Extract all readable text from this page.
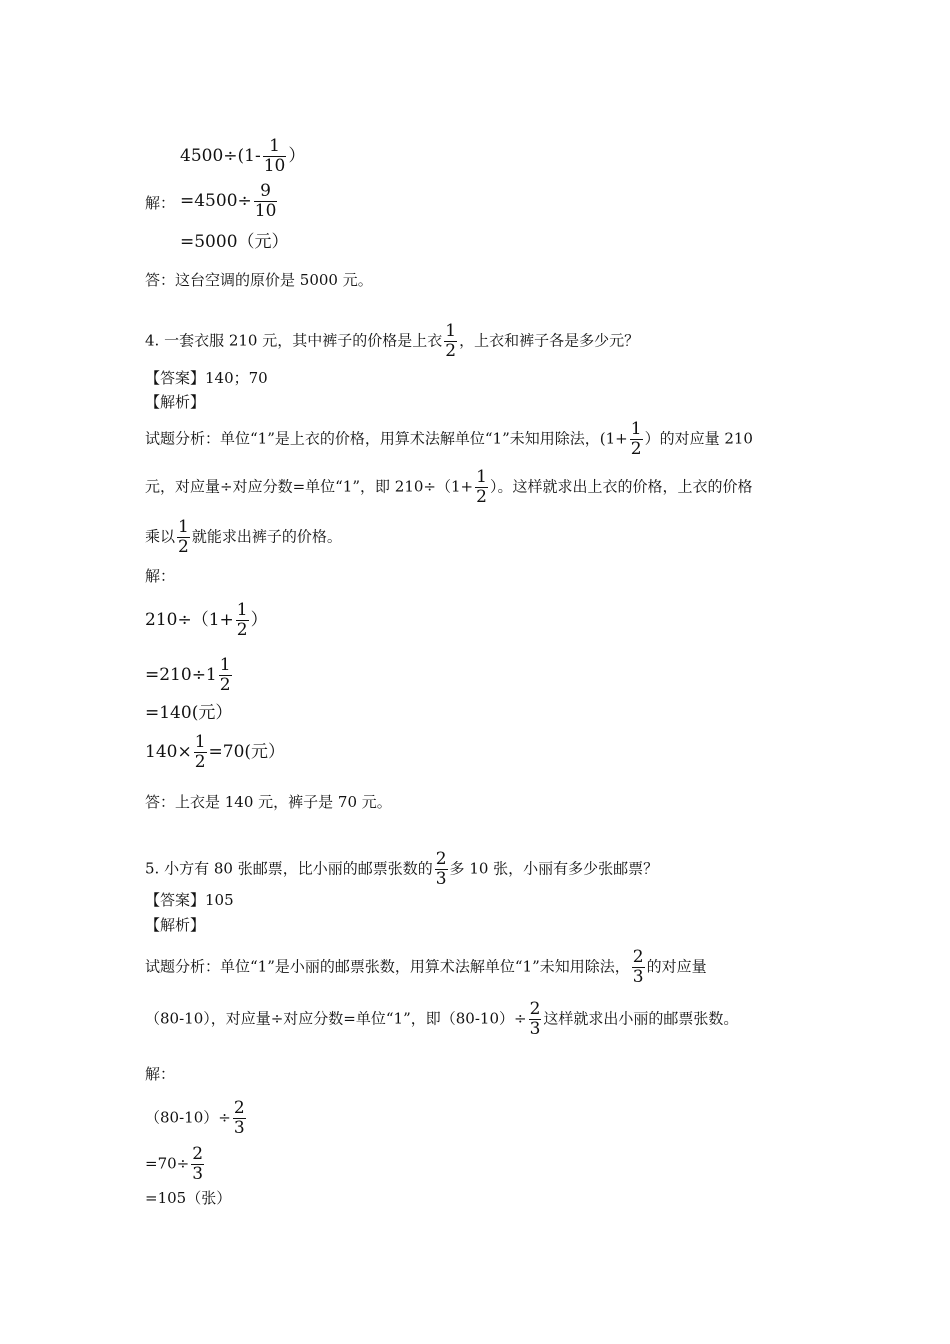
$4500\div(1- \frac{1}{10}$ ）
解： $=4500\div \frac{9}{10}$
=5000（元）
答：这台空调的原价是 5000 元。
4. 一套衣服 210 元，其中裤子的价格是上衣 $\frac{1}{2}$ ，上衣和裤子各是多少元？
【答案】140；70
【解析】
试题分析：单位“1”是上衣的价格，用算术法解单位“1”未知用除法，($1+ \frac{1}{2}$ ）的对应量 210
元，对应量÷对应分数=单位“1”，即 $210\div(1+ \frac{1}{2}$ ）。这样就求出上衣的价格，上衣的价格
乘以 $\frac{1}{2}$ 就能求出裤子的价格。
解：
$210\div(1+ \frac{1}{2}$ ）
$=210\div 1 \frac{1}{2}$
=140(元）
$140\times \frac{1}{2} =70$(元）
答：上衣是 140 元，裤子是 70 元。
5. 小方有 80 张邮票，比小丽的邮票张数的 $\frac{2}{3}$ 多 10 张，小丽有多少张邮票？
【答案】105
【解析】
试题分析：单位“1”是小丽的邮票张数，用算术法解单位“1”未知用除法， $\frac{2}{3}$ 的对应量
（80-10），对应量÷对应分数=单位“1”，即$(80-10)\div \frac{2}{3}$ 这样就求出小丽的邮票张数。
解：
$(80-10)\div \frac{2}{3}$
$=70\div \frac{2}{3}$
=105（张）
